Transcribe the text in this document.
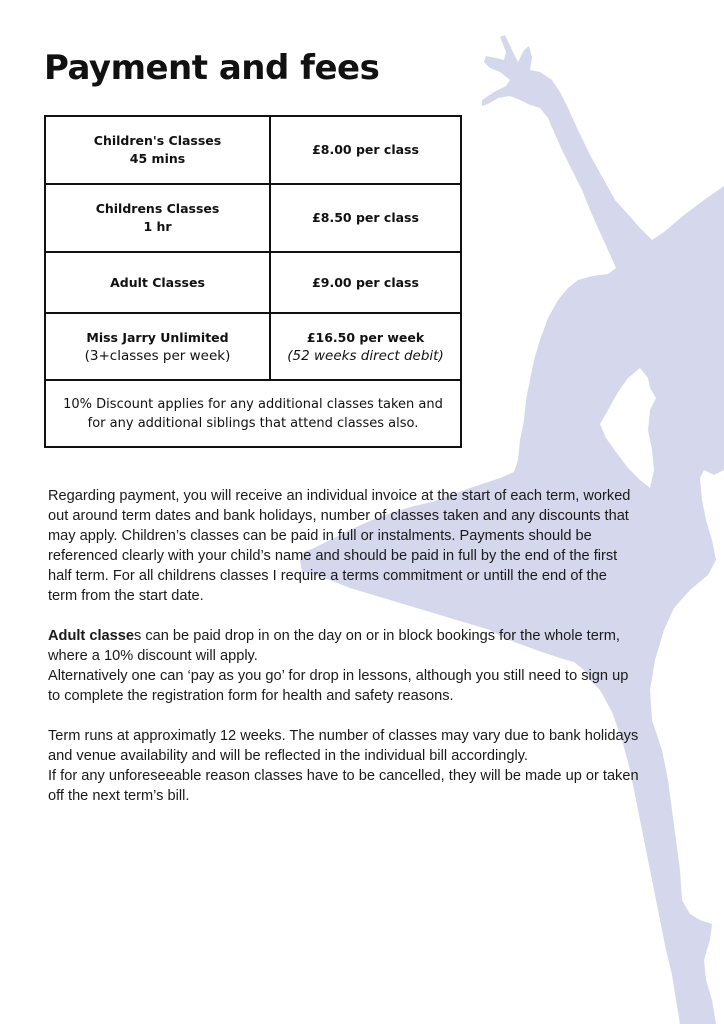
Payment and fees
Children's Classes
45 mins	£8.00 per class

Childrens Classes
1 hr	£8.50 per class

Adult Classes	£9.00 per class

Miss Jarry Unlimited
(3+classes per week)	£16.50 per week
(52 weeks direct debit)

10% Discount applies for any additional classes taken and
for any additional siblings that attend classes also.	

Regarding payment, you will receive an individual invoice at the start of each term, worked
out around term dates and bank holidays, number of classes taken and any discounts that
may apply. Children’s classes can be paid in full or instalments. Payments should be
referenced clearly with your child’s name and should be paid in full by the end of the first
half term. For all childrens classes I require a terms commitment or untill the end of the
term from the start date.

Adult classes can be paid drop in on the day on or in block bookings for the whole term,
where a 10% discount will apply.
Alternatively one can ‘pay as you go’ for drop in lessons, although you still need to sign up
to complete the registration form for health and safety reasons.

Term runs at approximatly 12 weeks. The number of classes may vary due to bank holidays
and venue availability and will be reflected in the individual bill accordingly.
If for any unforeseeable reason classes have to be cancelled, they will be made up or taken
off the next term’s bill.
